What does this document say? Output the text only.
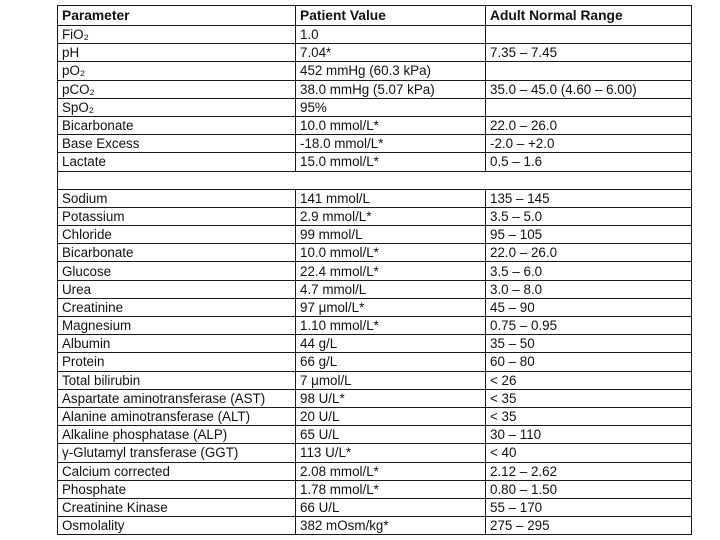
Parameter	Patient Value	Adult Normal Range
FiO₂	1.0	
pH	7.04*	7.35 – 7.45
pO₂	452 mmHg (60.3 kPa)	
pCO₂	38.0 mmHg (5.07 kPa)	35.0 – 45.0 (4.60 – 6.00)
SpO₂	95%	
Bicarbonate	10.0 mmol/L*	22.0 – 26.0
Base Excess	-18.0 mmol/L*	-2.0 – +2.0
Lactate	15.0 mmol/L*	0.5 – 1.6

Sodium	141 mmol/L	135 – 145
Potassium	2.9 mmol/L*	3.5 – 5.0
Chloride	99 mmol/L	95 – 105
Bicarbonate	10.0 mmol/L*	22.0 – 26.0
Glucose	22.4 mmol/L*	3.5 – 6.0
Urea	4.7 mmol/L	3.0 – 8.0
Creatinine	97 μmol/L*	45 – 90
Magnesium	1.10 mmol/L*	0.75 – 0.95
Albumin	44 g/L	35 – 50
Protein	66 g/L	60 – 80
Total bilirubin	7 μmol/L	< 26
Aspartate aminotransferase (AST)	98 U/L*	< 35
Alanine aminotransferase (ALT)	20 U/L	< 35
Alkaline phosphatase (ALP)	65 U/L	30 – 110
γ-Glutamyl transferase (GGT)	113 U/L*	< 40
Calcium corrected	2.08 mmol/L*	2.12 – 2.62
Phosphate	1.78 mmol/L*	0.80 – 1.50
Creatinine Kinase	66 U/L	55 – 170
Osmolality	382 mOsm/kg*	275 – 295
